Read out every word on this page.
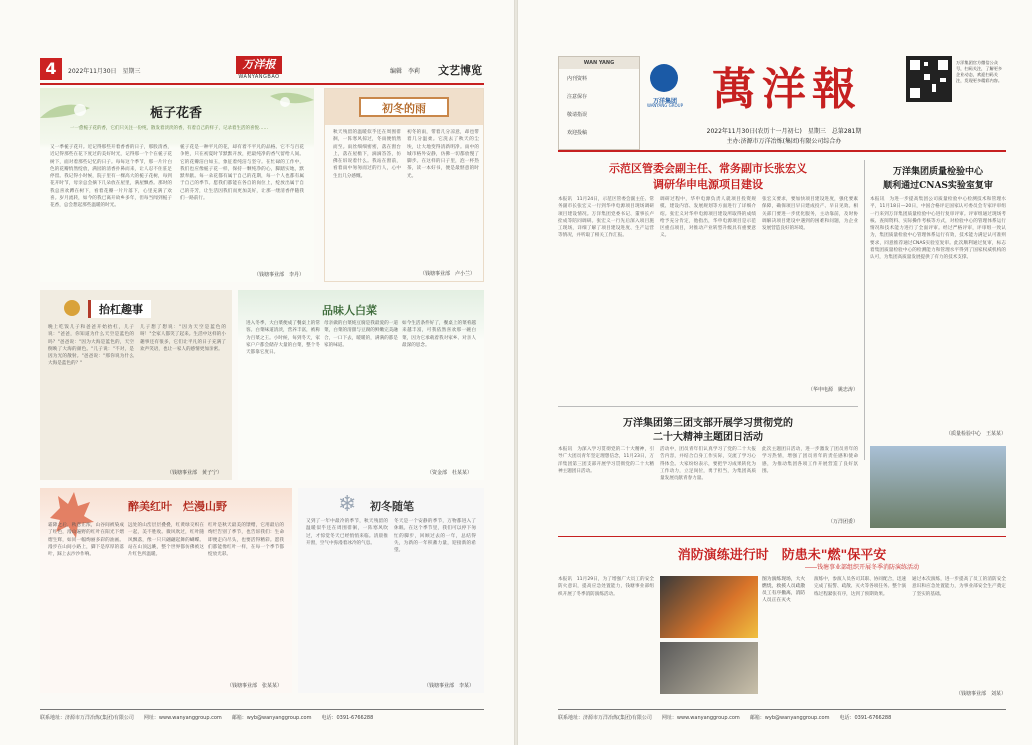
4	2022年11月30日　星期三
万洋报
WANYANGBAO
编辑　李莉 文艺博览
栀子花香
一一愈栀子花的香，它们只关注一份纯，散发着淡淡的香，有着自己的样子，记录着生活的喜悦……
又一季栀子花开。近记得那些开着香香的日子，那股清香，近记得那些在花下度过的美好时光，记得那一个个在栀子花树下，面对着那些记忆的日子。每每这个季节，那一片片白色的花瓣悄然绽放，满园的清香扑鼻而来，让人忍不住驻足停留。我记得小时候，院子里有一棵高大的栀子花树，每到花开时节，母亲总会摘下几朵放在屋里，满屋飘香。那时的我总喜欢蹲在树下，看着花瓣一片片落下，心里充满了欢喜。岁月流转，如今的我已离开故乡多年，但每当闻到栀子花香，总会想起那些温暖的时光。
栀子花是一种平凡的花，却有着不平凡的品格。它不与百花争艳，只在初夏时节默默开放，把最纯净的香气留给人间。它的花瓣洁白如玉，象征着纯洁与坚守。在忙碌的工作中，我们也应像栀子花一样，保持一颗纯净的心，脚踏实地，默默奉献。每一朵花都有属于自己的花期，每一个人也都有属于自己的季节。愿我们都能在各自的岗位上，绽放出属于自己的芬芳，让生活因我们而更加美好，让那一缕清香伴随我们一路前行。
（钱塘事业部　李丹）
初冬的雨
秋天残留的温暖似乎还在周围徘徊，一阵寒风掠过，冬雨便悄然而至。雨丝细细密密，落在窗台上，落在屋檐下，滴滴答答，仿佛在诉说着什么。我站在窗前，看着雨中匆匆而过的行人，心中生出几分感慨。
初冬的雨，带着几分凉意，却也带着几分温柔。它洗去了秋天的尘埃，让大地变得清新明净。雨中的城市格外安静，仿佛一切都放慢了脚步。在这样的日子里，泡一杯热茶，读一本好书，便是最惬意的时光。
（钱塘事业部　卢小兰）
抬杠趣事
晚上吃饭儿子和爸爸开始抬杠，儿子说："爸爸，你知道为什么天空是蓝色的吗？"爸爸说："因为大海是蓝色的，天空倒映了大海的颜色。"儿子说："不对，是因为光的散射。"爸爸说："那你说为什么大海是蓝色的？"
儿子想了想说："因为天空是蓝色的呀！"全家人都笑了起来。生活中这样的小趣事还有很多，它们让平凡的日子充满了欢声笑语，也让一家人的感情更加亲密。
（钱塘事业部　黄子宁）
品味人白菜
进入冬季，大白菜便成了餐桌上的常客。白菜味道清淡，营养丰富，被称为百菜之王。小时候，每到冬天，家家户户都会储存大量的白菜，整个冬天都靠它度日。
母亲做的白菜炖豆腐是我最爱的一道菜，白菜的清甜与豆腐的鲜嫩完美融合，一口下去，暖暖的，满满的都是家的味道。
如今生活条件好了，餐桌上的菜肴越来越丰富，可我依然喜欢那一碗白菜，因为它承载着我对家乡、对亲人最深的思念。
（资金部　杜某某）
醉美红叶　烂漫山野
霜降之后，秋意正浓，山谷间被染成了红色，漫山遍野的红叶在阳光下熠熠生辉，如同一幅绚丽多彩的油画。漫步在山间小路上，脚下是厚厚的落叶，踩上去沙沙作响。
远处的山峦层层叠叠，红黄绿交织在一起，美不胜收。微风吹过，红叶随风飘落，像一只只翩翩起舞的蝴蝶。站在山顶远眺，整个世界都仿佛被这片红色所温暖。
红叶是秋天最美的馈赠，它用最后的绚烂告别了季节，也告诉我们：生命即便走向尽头，也要活得精彩。愿我们都能像红叶一样，在每一个季节都绽放光彩。
（钱塘事业部　张某某）
❄ 初冬随笔
又到了一年中最冷的季节，秋天残留的温暖似乎还在周围徘徊，一阵寒风吹过，才惊觉冬天已经悄悄来临。清晨推开窗，空气中弥漫着冰冷的气息。
冬天是一个安静的季节，万物都进入了休眠。在这个季节里，我们可以停下匆忙的脚步，回顾过去的一年，总结得失，为新的一年积蓄力量，迎接新的希望。
（钱塘事业部　李某）
联系地址：济源市万洋冶炼(集团)有限公司　　网址：www.wanyanggroup.com　　邮箱：wyb@wanyanggroup.com　　电话：0391-6766288
WAN YANG
内刊资料
注意保存
敬请指误
欢迎投稿
万洋集团
WANYANG GROUP 萬洋報
2022年11月30日(农历十一月初七)　星期三　总第281期
主办:济源市万洋冶炼(集团)有限公司综合办
万洋集团官方微信公众号，扫码关注，了解更多企业动态，欢迎扫码关注，发现更多精彩内容。
示范区管委会副主任、常务副市长张宏义
调研华申电源项目建设
本报讯　11月24日，示范区管委会副主任、常务副市长张宏义一行到华申电源项目现场调研项目建设情况。万洋集团党委书记、董事长卢拴成等陪同调研。张宏义一行先后深入项目施工现场，详细了解了项目建设进度、生产运营等情况，并听取了相关工作汇报。
调研过程中，华申电源负责人就项目投资规模、建设内容、发展规划等方面进行了详细介绍。张宏义对华申电源项目建设所取得的成绩给予充分肯定，他指出，华申电源项目是示范区重点项目，对推动产业转型升级具有重要意义。
张宏义要求，要加快项目建设进度，强化要素保障，确保项目早日建成投产、早日见效。相关部门要进一步优化服务，主动靠前，及时协调解决项目建设中遇到的困难和问题，为企业发展营造良好的环境。
（华申电源　姚忠涛）
万洋集团质量检验中心
顺利通过CNAS实验室复审
本报讯　为进一步提高集团公司质量检验中心检测技术和管理水平，11月18日—20日，中国合格评定国家认可委员会专家评审组一行来到万洋集团质量检验中心进行复审评审。评审组通过现场考核、查阅资料、实际操作考核等方式，对检验中心的管理体系运行情况和技术能力进行了全面评审。经过严格评审，评审组一致认为，集团质量检验中心管理体系运行有效，技术能力满足认可准则要求，同意推荐通过CNAS实验室复审。此次顺利通过复审，标志着集团质量检验中心的检测能力和管理水平得到了国家权威机构的认可，为集团高质量发展提供了有力的技术支撑。
（质量检验中心　王某某）
万洋集团第三团支部开展学习贯彻党的
二十大精神主题团日活动
本报讯　为深入学习贯彻党的二十大精神，引导广大团员青年坚定理想信念，11月23日，万洋集团第三团支部开展学习贯彻党的二十大精神主题团日活动。
活动中，团员青年们认真学习了党的二十大报告内容，并结合自身工作实际，交流了学习心得体会。大家纷纷表示，要把学习成果转化为工作动力，立足岗位，勇于担当，为集团高质量发展贡献青春力量。
此次主题团日活动，进一步激发了团员青年的学习热情，增强了团员青年的责任感和使命感，为推动集团各项工作开展营造了良好氛围。
（万洋团委）
消防演练进行时　防患未"燃"保平安
——钱塘事业部组织开展冬季消防演练活动
本报讯　11月29日，为了增强广大员工的安全防火意识，提高应急处置能力，钱塘事业部组织开展了冬季消防演练活动。
图为演练现场，大火燃烧，救援人员疏散员工有序撤离，消防人员正在灭火
演练中，参演人员各司其职、协同配合，迅速完成了报警、疏散、灭火等各项任务。整个演练过程紧张有序，达到了预期效果。
通过本次演练，进一步提高了员工的消防安全意识和应急处置能力，为事业部安全生产奠定了坚实的基础。
（钱塘事业部　刘某）
联系地址：济源市万洋冶炼(集团)有限公司　　网址：www.wanyanggroup.com　　邮箱：wyb@wanyanggroup.com　　电话：0391-6766288
